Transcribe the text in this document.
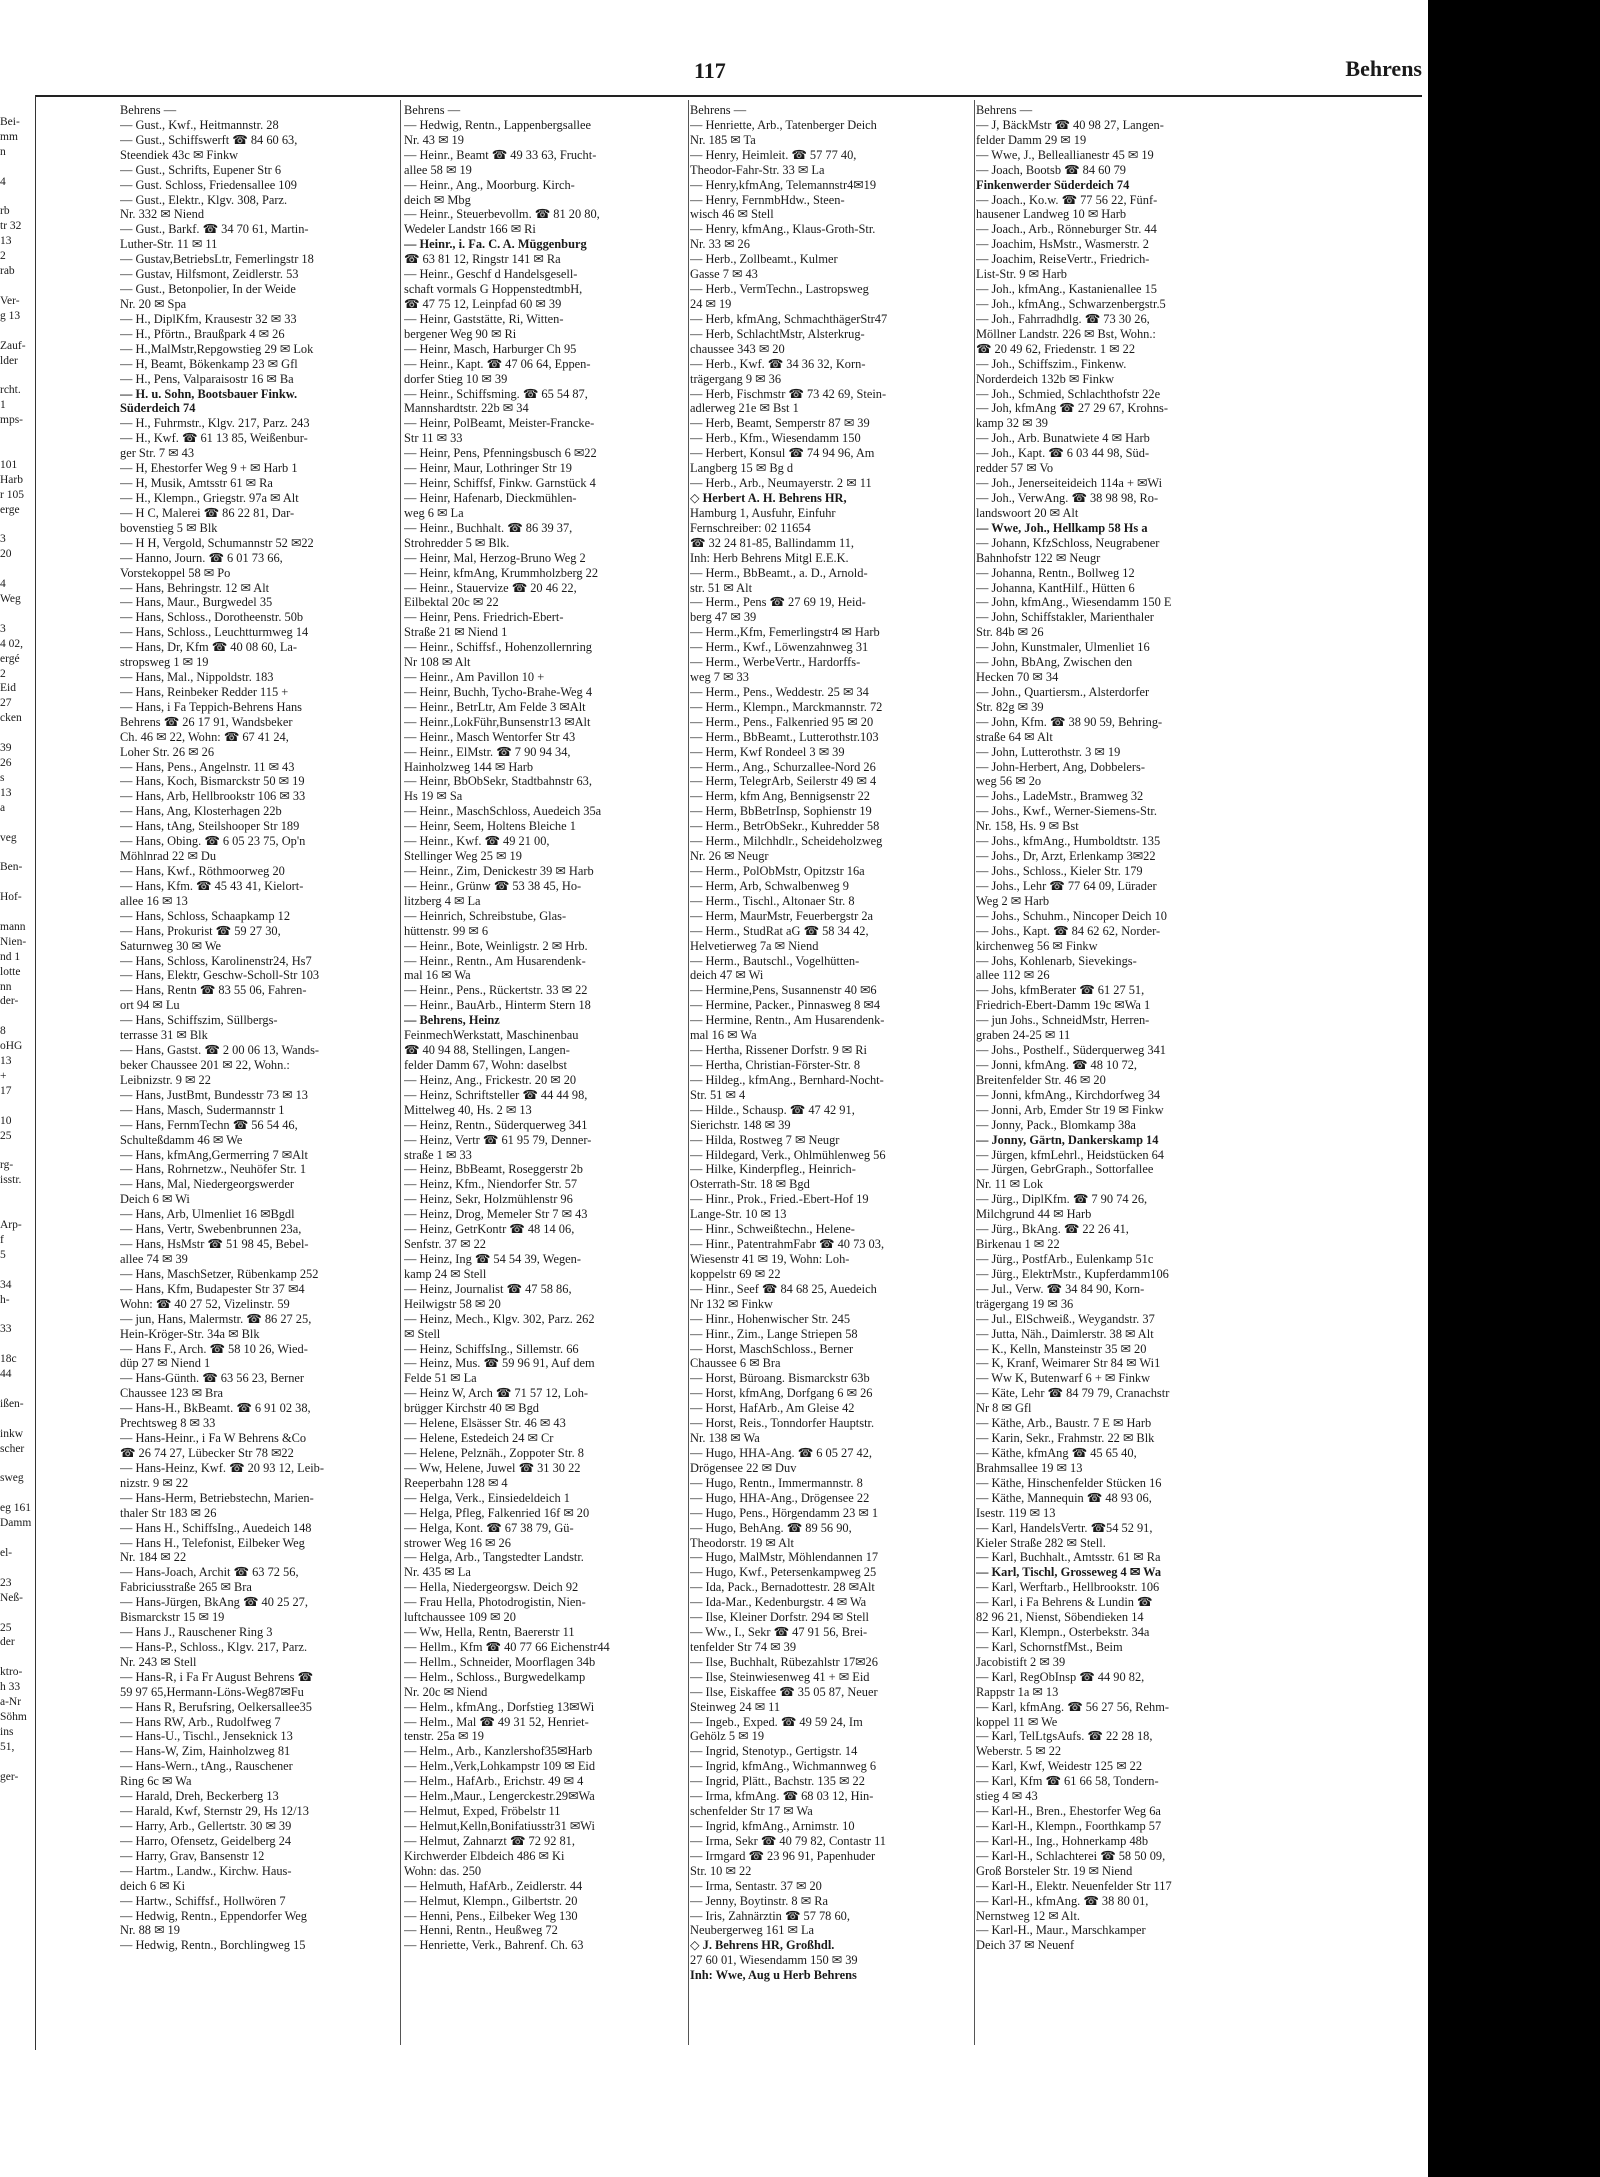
Bei-
mm
n

4

rb
tr 32
13
2
rab

Ver-
g 13

Zauf-
lder

rcht.
1
mps-

101
Harb
r 105
erge

3
20

4
Weg

3
4 02,
ergé
2
Eid
27
cken

39
26
s
13
a

veg

Ben-

Hof-

mann
Nien-
nd 1
lotte
nn
der-

8
oHG
13
+
17

10
25

rg-
isstr.

Arp-
f
5

34
h-

33

18c
44

ißen-

inkw
scher

sweg

eg 161
Damm

el-

23
Neß-

25
der

ktro-
h 33
a-Nr
Söhm
ins
51,

ger-
117	Behrens
Behrens —
— Gust., Kwf., Heitmannstr. 28
— Gust., Schiffswerft ☎ 84 60 63,
Steendiek 43c ✉ Finkw
— Gust., Schrifts, Eupener Str 6
— Gust. Schloss, Friedensallee 109
— Gust., Elektr., Klgv. 308, Parz.
Nr. 332 ✉ Niend
— Gust., Barkf. ☎ 34 70 61, Martin-
Luther-Str. 11 ✉ 11
— Gustav,BetriebsLtr, Femerlingstr 18
— Gustav, Hilfsmont, Zeidlerstr. 53
— Gust., Betonpolier, In der Weide
Nr. 20 ✉ Spa
— H., DiplKfm, Krausestr 32 ✉ 33
— H., Pförtn., Braußpark 4 ✉ 26
— H.,MalMstr,Repgowstieg 29 ✉ Lok
— H, Beamt, Bökenkamp 23 ✉ Gfl
— H., Pens, Valparaisostr 16 ✉ Ba
— H. u. Sohn, Bootsbauer Finkw.
Süderdeich 74
— H., Fuhrmstr., Klgv. 217, Parz. 243
— H., Kwf. ☎ 61 13 85, Weißenbur-
ger Str. 7 ✉ 43
— H, Ehestorfer Weg 9 + ✉ Harb 1
— H, Musik, Amtsstr 61 ✉ Ra
— H., Klempn., Griegstr. 97a ✉ Alt
— H C, Malerei ☎ 86 22 81, Dar-
bovenstieg 5 ✉ Blk
— H H, Vergold, Schumannstr 52 ✉22
— Hanno, Journ. ☎ 6 01 73 66,
Vorstekoppel 58 ✉ Po
— Hans, Behringstr. 12 ✉ Alt
— Hans, Maur., Burgwedel 35
— Hans, Schloss., Dorotheenstr. 50b
— Hans, Schloss., Leuchtturmweg 14
— Hans, Dr, Kfm ☎ 40 08 60, La-
stropsweg 1 ✉ 19
— Hans, Mal., Nippoldstr. 183
— Hans, Reinbeker Redder 115 +
— Hans, i Fa Teppich-Behrens Hans
Behrens ☎ 26 17 91, Wandsbeker
Ch. 46 ✉ 22, Wohn: ☎ 67 41 24,
Loher Str. 26 ✉ 26
— Hans, Pens., Angelnstr. 11 ✉ 43
— Hans, Koch, Bismarckstr 50 ✉ 19
— Hans, Arb, Hellbrookstr 106 ✉ 33
— Hans, Ang, Klosterhagen 22b
— Hans, tAng, Steilshooper Str 189
— Hans, Obing. ☎ 6 05 23 75, Op'n
Möhlnrad 22 ✉ Du
— Hans, Kwf., Röthmoorweg 20
— Hans, Kfm. ☎ 45 43 41, Kielort-
allee 16 ✉ 13
— Hans, Schloss, Schaapkamp 12
— Hans, Prokurist ☎ 59 27 30,
Saturnweg 30 ✉ We
— Hans, Schloss, Karolinenstr24, Hs7
— Hans, Elektr, Geschw-Scholl-Str 103
— Hans, Rentn ☎ 83 55 06, Fahren-
ort 94 ✉ Lu
— Hans, Schiffszim, Süllbergs-
terrasse 31 ✉ Blk
— Hans, Gastst. ☎ 2 00 06 13, Wands-
beker Chaussee 201 ✉ 22, Wohn.:
Leibnizstr. 9 ✉ 22
— Hans, JustBmt, Bundesstr 73 ✉ 13
— Hans, Masch, Sudermannstr 1
— Hans, FernmTechn ☎ 56 54 46,
Schulteßdamm 46 ✉ We
— Hans, kfmAng,Germerring 7 ✉Alt
— Hans, Rohrnetzw., Neuhöfer Str. 1
— Hans, Mal, Niedergeorgswerder
Deich 6 ✉ Wi
— Hans, Arb, Ulmenliet 16 ✉Bgdl
— Hans, Vertr, Swebenbrunnen 23a,
— Hans, HsMstr ☎ 51 98 45, Bebel-
allee 74 ✉ 39
— Hans, MaschSetzer, Rübenkamp 252
— Hans, Kfm, Budapester Str 37 ✉4
Wohn: ☎ 40 27 52, Vizelinstr. 59
— jun, Hans, Malermstr. ☎ 86 27 25,
Hein-Kröger-Str. 34a ✉ Blk
— Hans F., Arch. ☎ 58 10 26, Wied-
düp 27 ✉ Niend 1
— Hans-Günth. ☎ 63 56 23, Berner
Chaussee 123 ✉ Bra
— Hans-H., BkBeamt. ☎ 6 91 02 38,
Prechtsweg 8 ✉ 33
— Hans-Heinr., i Fa W Behrens &Co
☎ 26 74 27, Lübecker Str 78 ✉22
— Hans-Heinz, Kwf. ☎ 20 93 12, Leib-
nizstr. 9 ✉ 22
— Hans-Herm, Betriebstechn, Marien-
thaler Str 183 ✉ 26
— Hans H., SchiffsIng., Auedeich 148
— Hans H., Telefonist, Eilbeker Weg
Nr. 184 ✉ 22
— Hans-Joach, Archit ☎ 63 72 56,
Fabriciusstraße 265 ✉ Bra
— Hans-Jürgen, BkAng ☎ 40 25 27,
Bismarckstr 15 ✉ 19
— Hans J., Rauschener Ring 3
— Hans-P., Schloss., Klgv. 217, Parz.
Nr. 243 ✉ Stell
— Hans-R, i Fa Fr August Behrens ☎
59 97 65,Hermann-Löns-Weg87✉Fu
— Hans R, Berufsring, Oelkersallee35
— Hans RW, Arb., Rudolfweg 7
— Hans-U., Tischl., Jenseknick 13
— Hans-W, Zim, Hainholzweg 81
— Hans-Wern., tAng., Rauschener
Ring 6c ✉ Wa
— Harald, Dreh, Beckerberg 13
— Harald, Kwf, Sternstr 29, Hs 12/13
— Harry, Arb., Gellertstr. 30 ✉ 39
— Harro, Ofensetz, Geidelberg 24
— Harry, Grav, Bansenstr 12
— Hartm., Landw., Kirchw. Haus-
deich 6 ✉ Ki
— Hartw., Schiffsf., Hollwören 7
— Hedwig, Rentn., Eppendorfer Weg
Nr. 88 ✉ 19
— Hedwig, Rentn., Borchlingweg 15
Behrens —
— Hedwig, Rentn., Lappenbergsallee
Nr. 43 ✉ 19
— Heinr., Beamt ☎ 49 33 63, Frucht-
allee 58 ✉ 19
— Heinr., Ang., Moorburg. Kirch-
deich ✉ Mbg
— Heinr., Steuerbevollm. ☎ 81 20 80,
Wedeler Landstr 166 ✉ Ri
— Heinr., i. Fa. C. A. Müggenburg
☎ 63 81 12, Ringstr 141 ✉ Ra
— Heinr., Geschf d Handelsgesell-
schaft vormals G HoppenstedtmbH,
☎ 47 75 12, Leinpfad 60 ✉ 39
— Heinr, Gaststätte, Ri, Witten-
bergener Weg 90 ✉ Ri
— Heinr, Masch, Harburger Ch 95
— Heinr., Kapt. ☎ 47 06 64, Eppen-
dorfer Stieg 10 ✉ 39
— Heinr., Schiffsming. ☎ 65 54 87,
Mannshardtstr. 22b ✉ 34
— Heinr, PolBeamt, Meister-Francke-
Str 11 ✉ 33
— Heinr, Pens, Pfenningsbusch 6 ✉22
— Heinr, Maur, Lothringer Str 19
— Heinr, Schiffsf, Finkw. Garnstück 4
— Heinr, Hafenarb, Dieckmühlen-
weg 6 ✉ La
— Heinr., Buchhalt. ☎ 86 39 37,
Strohredder 5 ✉ Blk.
— Heinr, Mal, Herzog-Bruno Weg 2
— Heinr, kfmAng, Krummholzberg 22
— Heinr., Stauervize ☎ 20 46 22,
Eilbektal 20c ✉ 22
— Heinr, Pens. Friedrich-Ebert-
Straße 21 ✉ Niend 1
— Heinr., Schiffsf., Hohenzollernring
Nr 108 ✉ Alt
— Heinr., Am Pavillon 10 +
— Heinr, Buchh, Tycho-Brahe-Weg 4
— Heinr., BetrLtr, Am Felde 3 ✉Alt
— Heinr.,LokFühr,Bunsenstr13 ✉Alt
— Heinr., Masch Wentorfer Str 43
— Heinr., ElMstr. ☎ 7 90 94 34,
Hainholzweg 144 ✉ Harb
— Heinr, BbObSekr, Stadtbahnstr 63,
Hs 19 ✉ Sa
— Heinr., MaschSchloss, Auedeich 35a
— Heinr, Seem, Holtens Bleiche 1
— Heinr., Kwf. ☎ 49 21 00,
Stellinger Weg 25 ✉ 19
— Heinr., Zim, Denickestr 39 ✉ Harb
— Heinr., Grünw ☎ 53 38 45, Ho-
litzberg 4 ✉ La
— Heinrich, Schreibstube, Glas-
hüttenstr. 99 ✉ 6
— Heinr., Bote, Weinligstr. 2 ✉ Hrb.
— Heinr., Rentn., Am Husarendenk-
mal 16 ✉ Wa
— Heinr., Pens., Rückertstr. 33 ✉ 22
— Heinr., BauArb., Hinterm Stern 18
— Behrens, Heinz
FeinmechWerkstatt, Maschinenbau
☎ 40 94 88, Stellingen, Langen-
felder Damm 67, Wohn: daselbst
— Heinz, Ang., Frickestr. 20 ✉ 20
— Heinz, Schriftsteller ☎ 44 44 98,
Mittelweg 40, Hs. 2 ✉ 13
— Heinz, Rentn., Süderquerweg 341
— Heinz, Vertr ☎ 61 95 79, Denner-
straße 1 ✉ 33
— Heinz, BbBeamt, Roseggerstr 2b
— Heinz, Kfm., Niendorfer Str. 57
— Heinz, Sekr, Holzmühlenstr 96
— Heinz, Drog, Memeler Str 7 ✉ 43
— Heinz, GetrKontr ☎ 48 14 06,
Senfstr. 37 ✉ 22
— Heinz, Ing ☎ 54 54 39, Wegen-
kamp 24 ✉ Stell
— Heinz, Journalist ☎ 47 58 86,
Heilwigstr 58 ✉ 20
— Heinz, Mech., Klgv. 302, Parz. 262
✉ Stell
— Heinz, SchiffsIng., Sillemstr. 66
— Heinz, Mus. ☎ 59 96 91, Auf dem
Felde 51 ✉ La
— Heinz W, Arch ☎ 71 57 12, Loh-
brügger Kirchstr 40 ✉ Bgd
— Helene, Elsässer Str. 46 ✉ 43
— Helene, Estedeich 24 ✉ Cr
— Helene, Pelznäh., Zoppoter Str. 8
— Ww, Helene, Juwel ☎ 31 30 22
Reeperbahn 128 ✉ 4
— Helga, Verk., Einsiedeldeich 1
— Helga, Pfleg, Falkenried 16f ✉ 20
— Helga, Kont. ☎ 67 38 79, Gü-
strower Weg 16 ✉ 26
— Helga, Arb., Tangstedter Landstr.
Nr. 435 ✉ La
— Hella, Niedergeorgsw. Deich 92
— Frau Hella, Photodrogistin, Nien-
luftchaussee 109 ✉ 20
— Ww, Hella, Rentn, Baererstr 11
— Hellm., Kfm ☎ 40 77 66 Eichenstr44
— Hellm., Schneider, Moorflagen 34b
— Helm., Schloss., Burgwedelkamp
Nr. 20c ✉ Niend
— Helm., kfmAng., Dorfstieg 13✉Wi
— Helm., Mal ☎ 49 31 52, Henriet-
tenstr. 25a ✉ 19
— Helm., Arb., Kanzlershof35✉Harb
— Helm.,Verk,Lohkampstr 109 ✉ Eid
— Helm., HafArb., Erichstr. 49 ✉ 4
— Helm.,Maur., Lengerckestr.29✉Wa
— Helmut, Exped, Fröbelstr 11
— Helmut,Kelln,Bonifatiusstr31 ✉Wi
— Helmut, Zahnarzt ☎ 72 92 81,
Kirchwerder Elbdeich 486 ✉ Ki
Wohn: das. 250
— Helmuth, HafArb., Zeidlerstr. 44
— Helmut, Klempn., Gilbertstr. 20
— Henni, Pens., Eilbeker Weg 130
— Henni, Rentn., Heußweg 72
— Henriette, Verk., Bahrenf. Ch. 63
Behrens —
— Henriette, Arb., Tatenberger Deich
Nr. 185 ✉ Ta
— Henry, Heimleit. ☎ 57 77 40,
Theodor-Fahr-Str. 33 ✉ La
— Henry,kfmAng, Telemannstr4✉19
— Henry, FernmbHdw., Steen-
wisch 46 ✉ Stell
— Henry, kfmAng., Klaus-Groth-Str.
Nr. 33 ✉ 26
— Herb., Zollbeamt., Kulmer
Gasse 7 ✉ 43
— Herb., VermTechn., Lastropsweg
24 ✉ 19
— Herb, kfmAng, SchmachthägerStr47
— Herb, SchlachtMstr, Alsterkrug-
chaussee 343 ✉ 20
— Herb., Kwf. ☎ 34 36 32, Korn-
trägergang 9 ✉ 36
— Herb, Fischmstr ☎ 73 42 69, Stein-
adlerweg 21e ✉ Bst 1
— Herb, Beamt, Semperstr 87 ✉ 39
— Herb., Kfm., Wiesendamm 150
— Herbert, Konsul ☎ 74 94 96, Am
Langberg 15 ✉ Bg d
— Herb., Arb., Neumayerstr. 2 ✉ 11
◇ Herbert A. H. Behrens HR,
Hamburg 1, Ausfuhr, Einfuhr
Fernschreiber: 02 11654
☎ 32 24 81-85, Ballindamm 11,
Inh: Herb Behrens Mitgl E.E.K.
— Herm., BbBeamt., a. D., Arnold-
str. 51 ✉ Alt
— Herm., Pens ☎ 27 69 19, Heid-
berg 47 ✉ 39
— Herm.,Kfm, Femerlingstr4 ✉ Harb
— Herm., Kwf., Löwenzahnweg 31
— Herm., WerbeVertr., Hardorffs-
weg 7 ✉ 33
— Herm., Pens., Weddestr. 25 ✉ 34
— Herm., Klempn., Marckmannstr. 72
— Herm., Pens., Falkenried 95 ✉ 20
— Herm., BbBeamt., Lutterothstr.103
— Herm, Kwf Rondeel 3 ✉ 39
— Herm., Ang., Schurzallee-Nord 26
— Herm, TelegrArb, Seilerstr 49 ✉ 4
— Herm, kfm Ang, Bennigsenstr 22
— Herm, BbBetrInsp, Sophienstr 19
— Herm., BetrObSekr., Kuhredder 58
— Herm., Milchhdlr., Scheideholzweg
Nr. 26 ✉ Neugr
— Herm., PolObMstr, Opitzstr 16a
— Herm, Arb, Schwalbenweg 9
— Herm., Tischl., Altonaer Str. 8
— Herm, MaurMstr, Feuerbergstr 2a
— Herm., StudRat aG ☎ 58 34 42,
Helvetierweg 7a ✉ Niend
— Herm., Bautschl., Vogelhütten-
deich 47 ✉ Wi
— Hermine,Pens, Susannenstr 40 ✉6
— Hermine, Packer., Pinnasweg 8 ✉4
— Hermine, Rentn., Am Husarendenk-
mal 16 ✉ Wa
— Hertha, Rissener Dorfstr. 9 ✉ Ri
— Hertha, Christian-Förster-Str. 8
— Hildeg., kfmAng., Bernhard-Nocht-
Str. 51 ✉ 4
— Hilde., Schausp. ☎ 47 42 91,
Sierichstr. 148 ✉ 39
— Hilda, Rostweg 7 ✉ Neugr
— Hildegard, Verk., Ohlmühlenweg 56
— Hilke, Kinderpfleg., Heinrich-
Osterrath-Str. 18 ✉ Bgd
— Hinr., Prok., Fried.-Ebert-Hof 19
Lange-Str. 10 ✉ 13
— Hinr., Schweißtechn., Helene-
— Hinr., PatentrahmFabr ☎ 40 73 03,
Wiesenstr 41 ✉ 19, Wohn: Loh-
koppelstr 69 ✉ 22
— Hinr., Seef ☎ 84 68 25, Auedeich
Nr 132 ✉ Finkw
— Hinr., Hohenwischer Str. 245
— Hinr., Zim., Lange Striepen 58
— Horst, MaschSchloss., Berner
Chaussee 6 ✉ Bra
— Horst, Büroang. Bismarckstr 63b
— Horst, kfmAng, Dorfgang 6 ✉ 26
— Horst, HafArb., Am Gleise 42
— Horst, Reis., Tonndorfer Hauptstr.
Nr. 138 ✉ Wa
— Hugo, HHA-Ang. ☎ 6 05 27 42,
Drögensee 22 ✉ Duv
— Hugo, Rentn., Immermannstr. 8
— Hugo, HHA-Ang., Drögensee 22
— Hugo, Pens., Hörgendamm 23 ✉ 1
— Hugo, BehAng. ☎ 89 56 90,
Theodorstr. 19 ✉ Alt
— Hugo, MalMstr, Möhlendannen 17
— Hugo, Kwf., Petersenkampweg 25
— Ida, Pack., Bernadottestr. 28 ✉Alt
— Ida-Mar., Kedenburgstr. 4 ✉ Wa
— Ilse, Kleiner Dorfstr. 294 ✉ Stell
— Ww., I., Sekr ☎ 47 91 56, Brei-
tenfelder Str 74 ✉ 39
— Ilse, Buchhalt, Rübezahlstr 17✉26
— Ilse, Steinwiesenweg 41 + ✉ Eid
— Ilse, Eiskaffee ☎ 35 05 87, Neuer
Steinweg 24 ✉ 11
— Ingeb., Exped. ☎ 49 59 24, Im
Gehölz 5 ✉ 19
— Ingrid, Stenotyp., Gertigstr. 14
— Ingrid, kfmAng., Wichmannweg 6
— Ingrid, Plätt., Bachstr. 135 ✉ 22
— Irma, kfmAng. ☎ 68 03 12, Hin-
schenfelder Str 17 ✉ Wa
— Ingrid, kfmAng., Arnimstr. 10
— Irma, Sekr ☎ 40 79 82, Contastr 11
— Irmgard ☎ 23 96 91, Papenhuder
Str. 10 ✉ 22
— Irma, Sentastr. 37 ✉ 20
— Jenny, Boytinstr. 8 ✉ Ra
— Iris, Zahnärztin ☎ 57 78 60,
Neubergerweg 161 ✉ La
◇ J. Behrens HR, Großhdl.
27 60 01, Wiesendamm 150 ✉ 39
Inh: Wwe, Aug u Herb Behrens
Behrens —
— J, BäckMstr ☎ 40 98 27, Langen-
felder Damm 29 ✉ 19
— Wwe, J., Belleallianestr 45 ✉ 19
— Joach, Bootsb ☎ 84 60 79
Finkenwerder Süderdeich 74
— Joach., Ko.w. ☎ 77 56 22, Fünf-
hausener Landweg 10 ✉ Harb
— Joach., Arb., Rönneburger Str. 44
— Joachim, HsMstr., Wasmerstr. 2
— Joachim, ReiseVertr., Friedrich-
List-Str. 9 ✉ Harb
— Joh., kfmAng., Kastanienallee 15
— Joh., kfmAng., Schwarzenbergstr.5
— Joh., Fahrradhdlg. ☎ 73 30 26,
Möllner Landstr. 226 ✉ Bst, Wohn.:
☎ 20 49 62, Friedenstr. 1 ✉ 22
— Joh., Schiffszim., Finkenw.
Norderdeich 132b ✉ Finkw
— Joh., Schmied, Schlachthofstr 22e
— Joh, kfmAng ☎ 27 29 67, Krohns-
kamp 32 ✉ 39
— Joh., Arb. Bunatwiete 4 ✉ Harb
— Joh., Kapt. ☎ 6 03 44 98, Süd-
redder 57 ✉ Vo
— Joh., Jenerseiteideich 114a + ✉Wi
— Joh., VerwAng. ☎ 38 98 98, Ro-
landswoort 20 ✉ Alt
— Wwe, Joh., Hellkamp 58 Hs a
— Johann, KfzSchloss, Neugrabener
Bahnhofstr 122 ✉ Neugr
— Johanna, Rentn., Bollweg 12
— Johanna, KantHilf., Hütten 6
— John, kfmAng., Wiesendamm 150 E
— John, Schiffstakler, Marienthaler
Str. 84b ✉ 26
— John, Kunstmaler, Ulmenliet 16
— John, BbAng, Zwischen den
Hecken 70 ✉ 34
— John., Quartiersm., Alsterdorfer
Str. 82g ✉ 39
— John, Kfm. ☎ 38 90 59, Behring-
straße 64 ✉ Alt
— John, Lutterothstr. 3 ✉ 19
— John-Herbert, Ang, Dobbelers-
weg 56 ✉ 2o
— Johs., LadeMstr., Bramweg 32
— Johs., Kwf., Werner-Siemens-Str.
Nr. 158, Hs. 9 ✉ Bst
— Johs., kfmAng., Humboldtstr. 135
— Johs., Dr, Arzt, Erlenkamp 3✉22
— Johs., Schloss., Kieler Str. 179
— Johs., Lehr ☎ 77 64 09, Lürader
Weg 2 ✉ Harb
— Johs., Schuhm., Nincoper Deich 10
— Johs., Kapt. ☎ 84 62 62, Norder-
kirchenweg 56 ✉ Finkw
— Johs, Kohlenarb, Sievekings-
allee 112 ✉ 26
— Johs, kfmBerater ☎ 61 27 51,
Friedrich-Ebert-Damm 19c ✉Wa 1
— jun Johs., SchneidMstr, Herren-
graben 24-25 ✉ 11
— Johs., Posthelf., Süderquerweg 341
— Jonni, kfmAng. ☎ 48 10 72,
Breitenfelder Str. 46 ✉ 20
— Jonni, kfmAng., Kirchdorfweg 34
— Jonni, Arb, Emder Str 19 ✉ Finkw
— Jonny, Pack., Blomkamp 38a
— Jonny, Gärtn, Dankerskamp 14
— Jürgen, kfmLehrl., Heidstücken 64
— Jürgen, GebrGraph., Sottorfallee
Nr. 11 ✉ Lok
— Jürg., DiplKfm. ☎ 7 90 74 26,
Milchgrund 44 ✉ Harb
— Jürg., BkAng. ☎ 22 26 41,
Birkenau 1 ✉ 22
— Jürg., PostfArb., Eulenkamp 51c
— Jürg., ElektrMstr., Kupferdamm106
— Jul., Verw. ☎ 34 84 90, Korn-
trägergang 19 ✉ 36
— Jul., ElSchweiß., Weygandstr. 37
— Jutta, Näh., Daimlerstr. 38 ✉ Alt
— K., Kelln, Mansteinstr 35 ✉ 20
— K, Kranf, Weimarer Str 84 ✉ Wi1
— Ww K, Butenwarf 6 + ✉ Finkw
— Käte, Lehr ☎ 84 79 79, Cranachstr
Nr 8 ✉ Gfl
— Käthe, Arb., Baustr. 7 E ✉ Harb
— Karin, Sekr., Frahmstr. 22 ✉ Blk
— Käthe, kfmAng ☎ 45 65 40,
Brahmsallee 19 ✉ 13
— Käthe, Hinschenfelder Stücken 16
— Käthe, Mannequin ☎ 48 93 06,
Isestr. 119 ✉ 13
— Karl, HandelsVertr. ☎54 52 91,
Kieler Straße 282 ✉ Stell.
— Karl, Buchhalt., Amtsstr. 61 ✉ Ra
— Karl, Tischl, Grosseweg 4 ✉ Wa
— Karl, Werftarb., Hellbrookstr. 106
— Karl, i Fa Behrens & Lundin ☎
82 96 21, Nienst, Söbendieken 14
— Karl, Klempn., Osterbekstr. 34a
— Karl, SchornstfMst., Beim
Jacobistift 2 ✉ 39
— Karl, RegObInsp ☎ 44 90 82,
Rappstr 1a ✉ 13
— Karl, kfmAng. ☎ 56 27 56, Rehm-
koppel 11 ✉ We
— Karl, TelLtgsAufs. ☎ 22 28 18,
Weberstr. 5 ✉ 22
— Karl, Kwf, Weidestr 125 ✉ 22
— Karl, Kfm ☎ 61 66 58, Tondern-
stieg 4 ✉ 43
— Karl-H., Bren., Ehestorfer Weg 6a
— Karl-H., Klempn., Foorthkamp 57
— Karl-H., Ing., Hohnerkamp 48b
— Karl-H., Schlachterei ☎ 58 50 09,
Groß Borsteler Str. 19 ✉ Niend
— Karl-H., Elektr. Neuenfelder Str 117
— Karl-H., kfmAng. ☎ 38 80 01,
Nernstweg 12 ✉ Alt.
— Karl-H., Maur., Marschkamper
Deich 37 ✉ Neuenf
